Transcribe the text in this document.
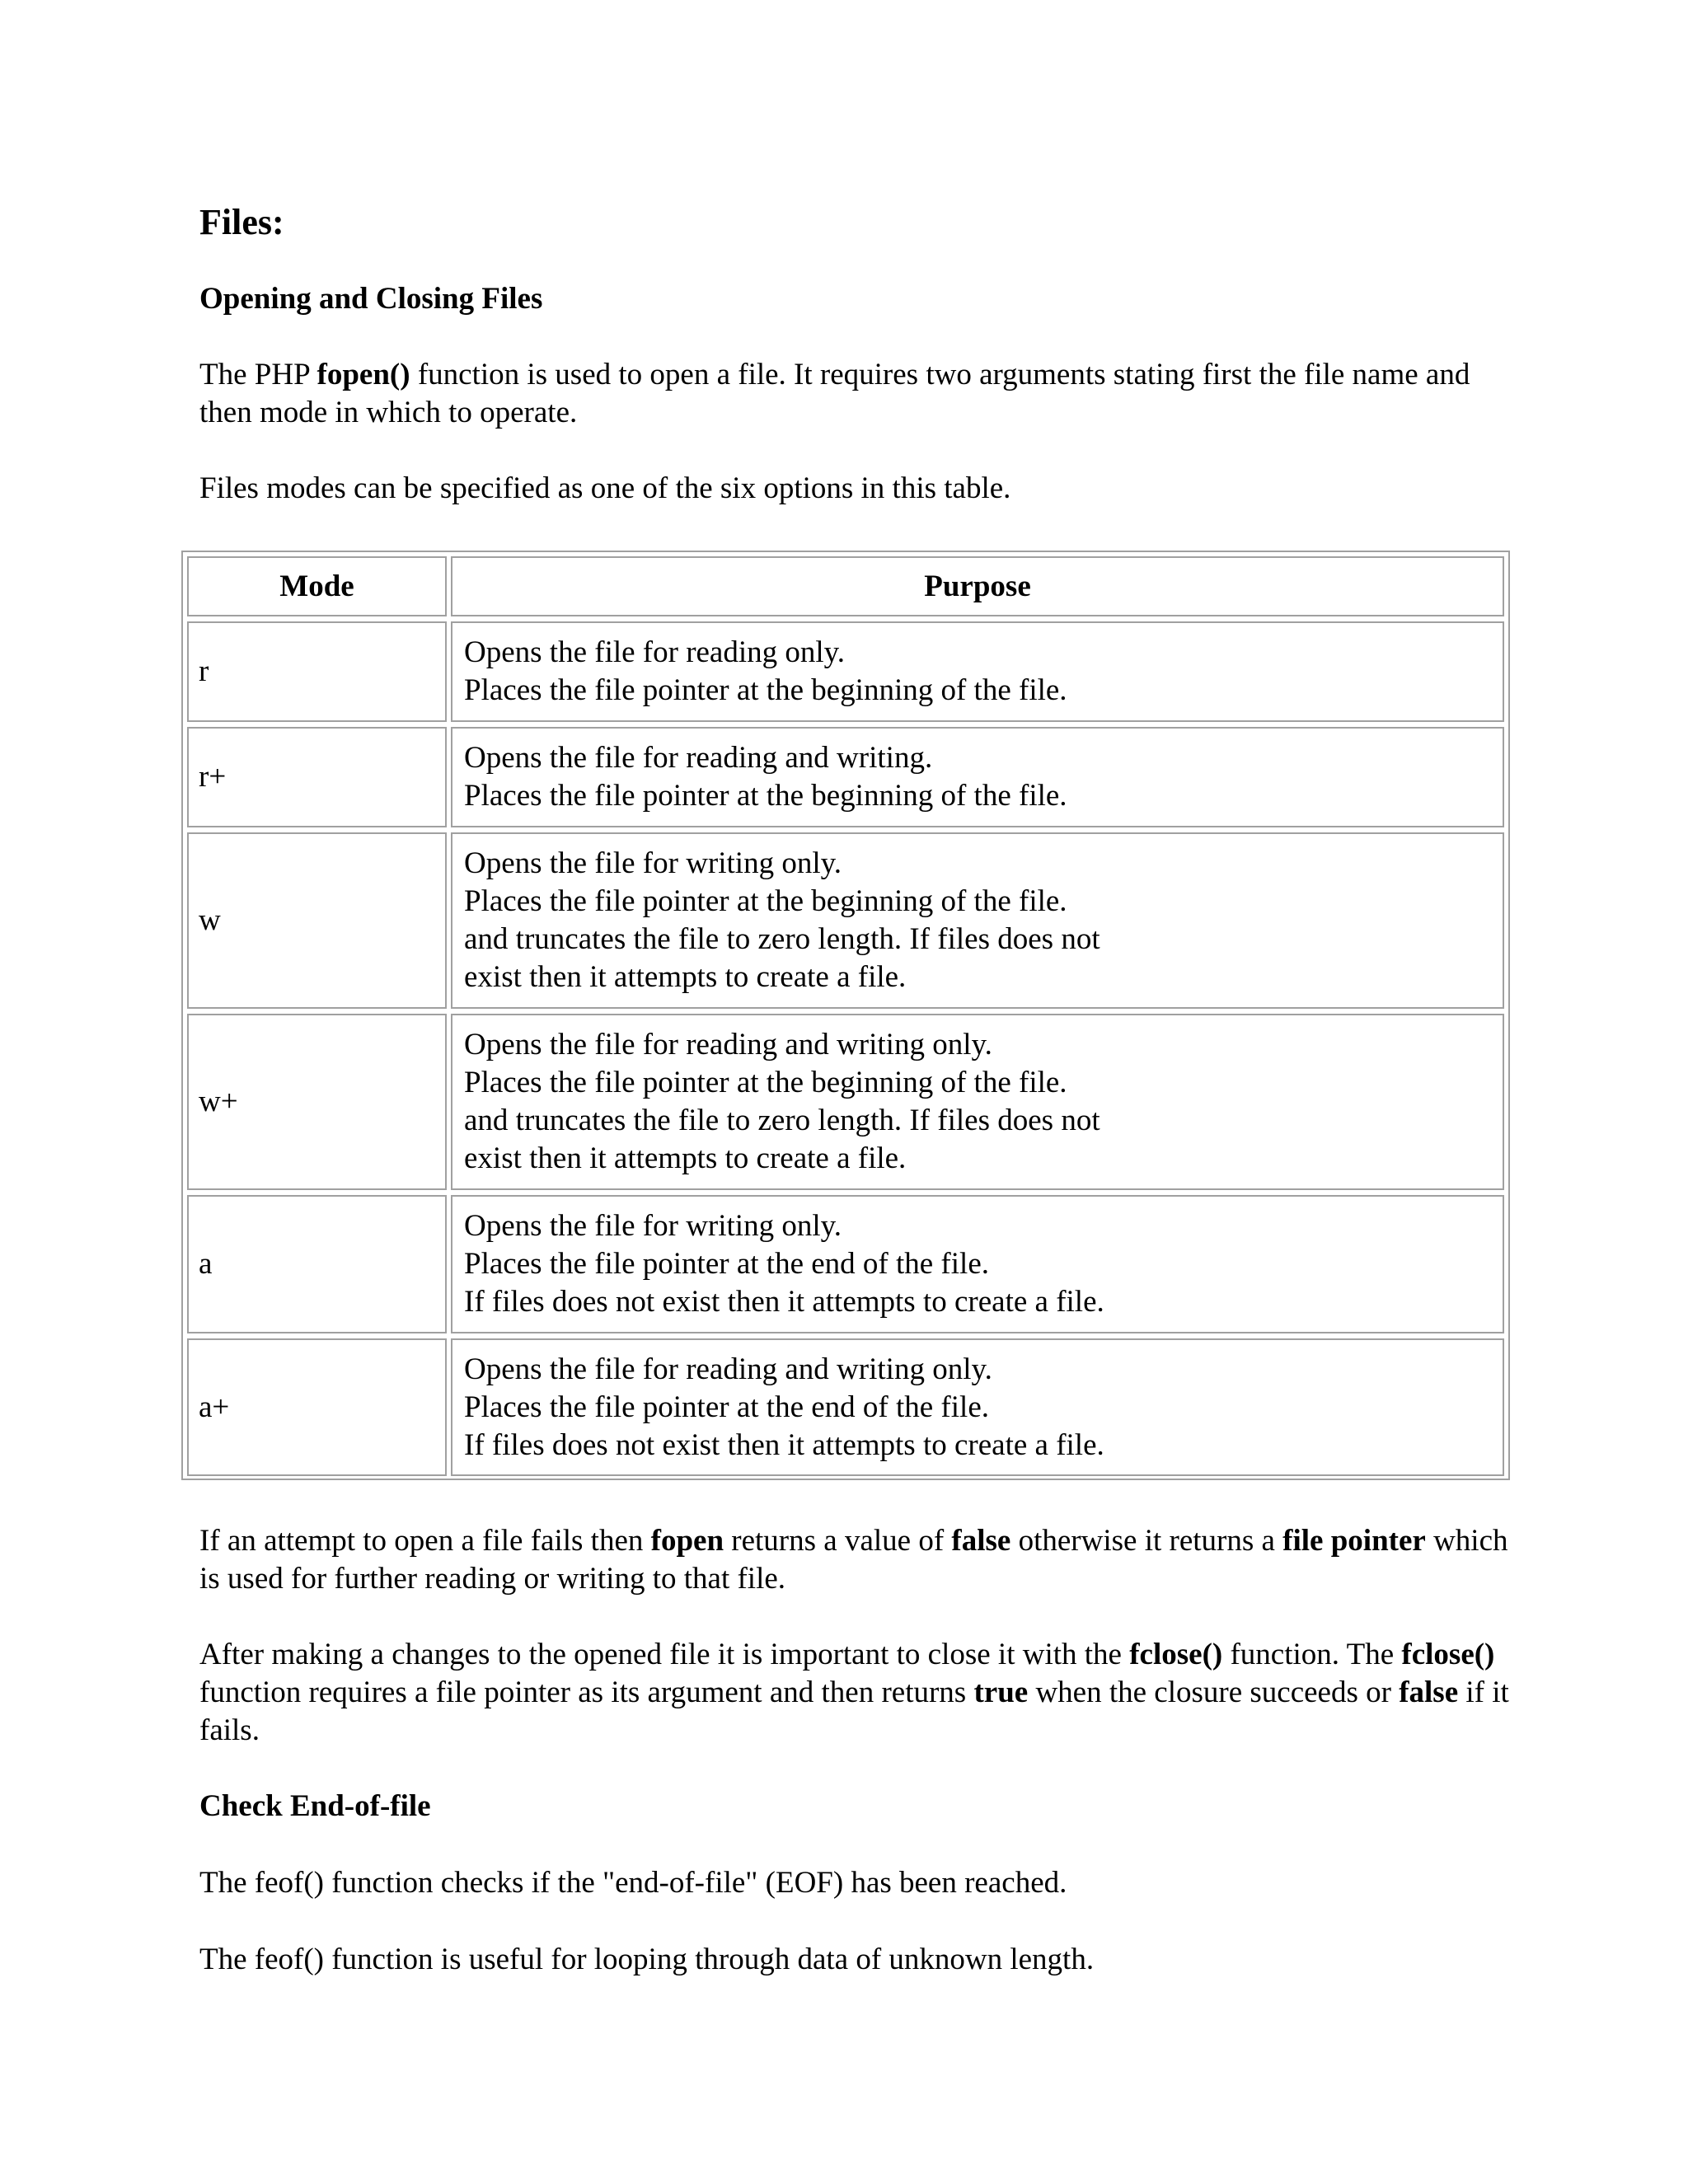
Files:
Opening and Closing Files

The PHP fopen() function is used to open a file. It requires two arguments stating first the file name and then mode in which to operate.

Files modes can be specified as one of the six options in this table.

Mode	Purpose
r
Opens the file for reading only.
Places the file pointer at the beginning of the file.
r+
Opens the file for reading and writing.
Places the file pointer at the beginning of the file.
w
Opens the file for writing only.
Places the file pointer at the beginning of the file.
and truncates the file to zero length. If files does not
exist then it attempts to create a file.
w+
Opens the file for reading and writing only.
Places the file pointer at the beginning of the file.
and truncates the file to zero length. If files does not
exist then it attempts to create a file.
a
Opens the file for writing only.
Places the file pointer at the end of the file.
If files does not exist then it attempts to create a file.
a+
Opens the file for reading and writing only.
Places the file pointer at the end of the file.
If files does not exist then it attempts to create a file.

If an attempt to open a file fails then fopen returns a value of false otherwise it returns a file pointer which is used for further reading or writing to that file.

After making a changes to the opened file it is important to close it with the fclose() function. The fclose() function requires a file pointer as its argument and then returns true when the closure succeeds or false if it fails.

Check End-of-file

The feof() function checks if the "end-of-file" (EOF) has been reached.

The feof() function is useful for looping through data of unknown length.
